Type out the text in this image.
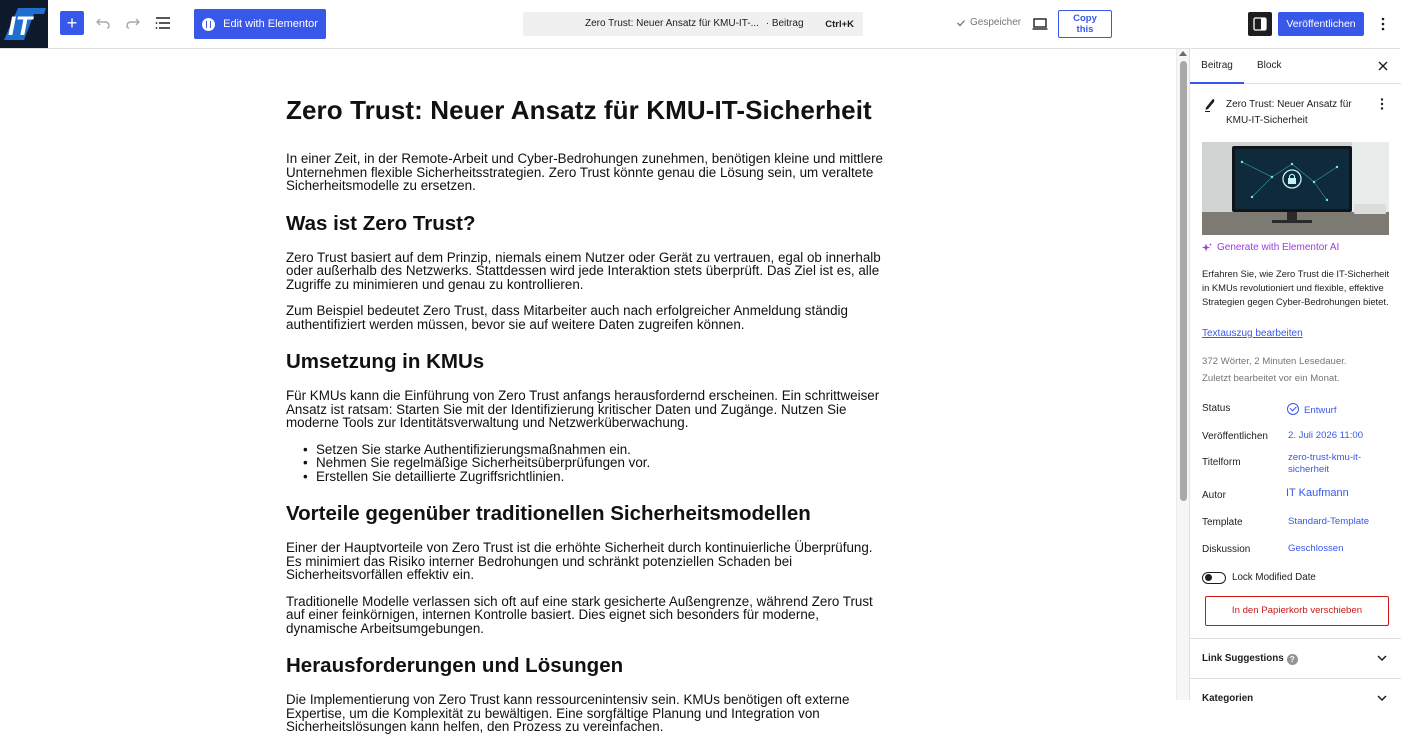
IT +	Edit with Elementor	Zero Trust: Neuer Ansatz für KMU-IT-... · Beitrag Ctrl+K	Gespeicher	Copy
this	Veröffentlichen
Zero Trust: Neuer Ansatz für KMU-IT-Sicherheit

In einer Zeit, in der Remote-Arbeit und Cyber-Bedrohungen zunehmen, benötigen kleine und mittlere Unternehmen flexible Sicherheitsstrategien. Zero Trust könnte genau die Lösung sein, um veraltete Sicherheitsmodelle zu ersetzen.

Was ist Zero Trust?

Zero Trust basiert auf dem Prinzip, niemals einem Nutzer oder Gerät zu vertrauen, egal ob innerhalb oder außerhalb des Netzwerks. Stattdessen wird jede Interaktion stets überprüft. Das Ziel ist es, alle Zugriffe zu minimieren und genau zu kontrollieren.

Zum Beispiel bedeutet Zero Trust, dass Mitarbeiter auch nach erfolgreicher Anmeldung ständig authentifiziert werden müssen, bevor sie auf weitere Daten zugreifen können.

Umsetzung in KMUs

Für KMUs kann die Einführung von Zero Trust anfangs herausfordernd erscheinen. Ein schrittweiser Ansatz ist ratsam: Starten Sie mit der Identifizierung kritischer Daten und Zugänge. Nutzen Sie moderne Tools zur Identitätsverwaltung und Netzwerküberwachung.

• Setzen Sie starke Authentifizierungsmaßnahmen ein.
• Nehmen Sie regelmäßige Sicherheitsüberprüfungen vor.
• Erstellen Sie detaillierte Zugriffsrichtlinien.
Vorteile gegenüber traditionellen Sicherheitsmodellen

Einer der Hauptvorteile von Zero Trust ist die erhöhte Sicherheit durch kontinuierliche Überprüfung. Es minimiert das Risiko interner Bedrohungen und schränkt potenziellen Schaden bei Sicherheitsvorfällen effektiv ein.

Traditionelle Modelle verlassen sich oft auf eine stark gesicherte Außengrenze, während Zero Trust auf einer feinkörnigen, internen Kontrolle basiert. Dies eignet sich besonders für moderne, dynamische Arbeitsumgebungen.

Herausforderungen und Lösungen

Die Implementierung von Zero Trust kann ressourcenintensiv sein. KMUs benötigen oft externe Expertise, um die Komplexität zu bewältigen. Eine sorgfältige Planung und Integration von Sicherheitslösungen kann helfen, den Prozess zu vereinfachen.

Beitrag	Block
Zero Trust: Neuer Ansatz für KMU-IT-Sicherheit
Generate with Elementor AI
Erfahren Sie, wie Zero Trust die IT-Sicherheit in KMUs revolutioniert und flexible, effektive Strategien gegen Cyber-Bedrohungen bietet.
Textauszug bearbeiten
372 Wörter, 2 Minuten Lesedauer.
Zuletzt bearbeitet vor ein Monat.
Status	Entwurf
Veröffentlichen 2. Juli 2026 11:00
Titelform	zero-trust-kmu-it-
sicherheit
Autor	IT Kaufmann
Template	Standard-Template
Diskussion	Geschlossen
Lock Modified Date
In den Papierkorb verschieben
Link Suggestions ?
Kategorien
